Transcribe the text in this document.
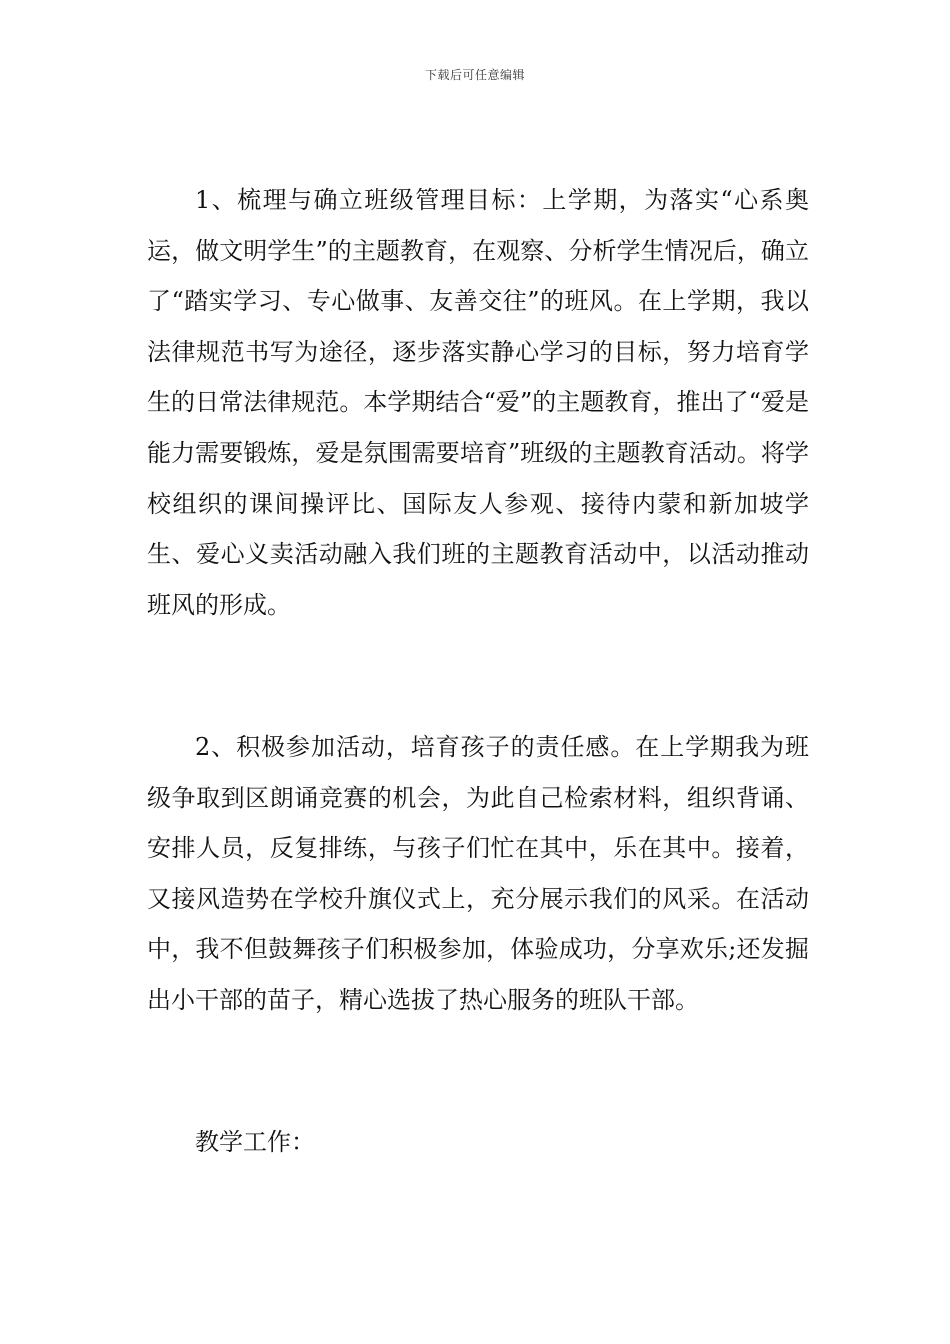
下载后可任意编辑

1、梳理与确立班级管理目标：上学期，为落实“心系奥运，做文明学生”的主题教育，在观察、分析学生情况后，确立了“踏实学习、专心做事、友善交往”的班风。在上学期，我以法律规范书写为途径，逐步落实静心学习的目标，努力培育学生的日常法律规范。本学期结合“爱”的主题教育，推出了“爱是能力需要锻炼，爱是氛围需要培育”班级的主题教育活动。将学校组织的课间操评比、国际友人参观、接待内蒙和新加坡学生、爱心义卖活动融入我们班的主题教育活动中，以活动推动班风的形成。

2、积极参加活动，培育孩子的责任感。在上学期我为班级争取到区朗诵竞赛的机会，为此自己检索材料，组织背诵、安排人员，反复排练，与孩子们忙在其中，乐在其中。接着，又接风造势在学校升旗仪式上，充分展示我们的风采。在活动中，我不但鼓舞孩子们积极参加，体验成功，分享欢乐;还发掘出小干部的苗子，精心选拔了热心服务的班队干部。

教学工作：
